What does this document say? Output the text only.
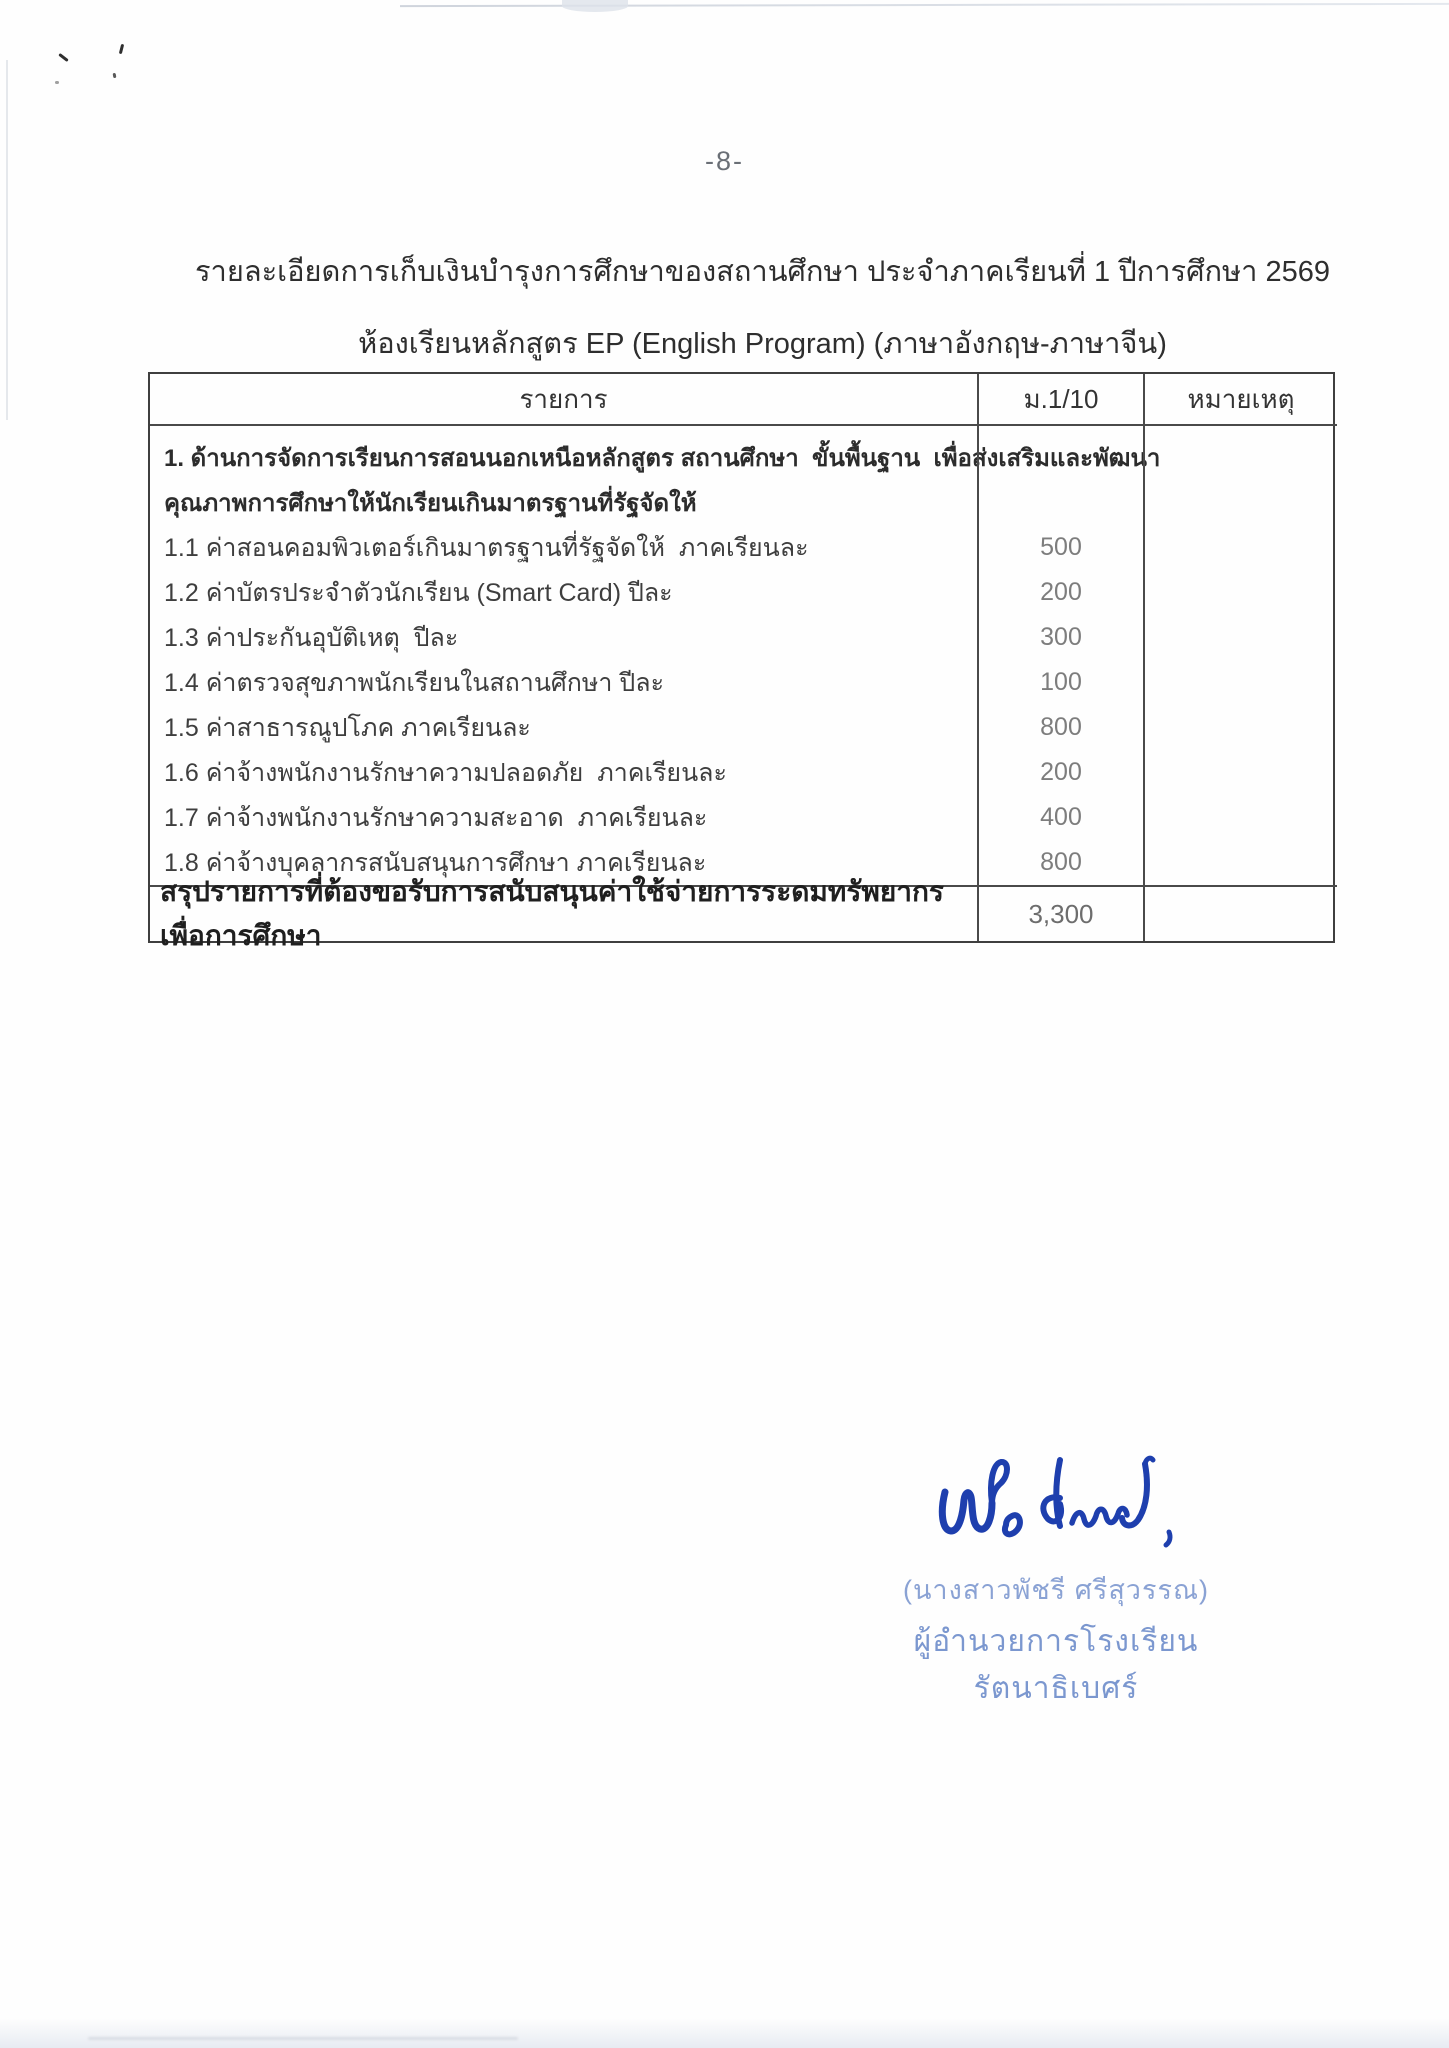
-8-
รายละเอียดการเก็บเงินบำรุงการศึกษาของสถานศึกษา ประจำภาคเรียนที่ 1 ปีการศึกษา 2569
ห้องเรียนหลักสูตร EP (English Program) (ภาษาอังกฤษ-ภาษาจีน)
รายการ	ม.1/10	หมายเหตุ
1. ด้านการจัดการเรียนการสอนนอกเหนือหลักสูตร สถานศึกษา  ขั้นพื้นฐาน  เพื่อส่งเสริมและพัฒนา
คุณภาพการศึกษาให้นักเรียนเกินมาตรฐานที่รัฐจัดให้
1.1 ค่าสอนคอมพิวเตอร์เกินมาตรฐานที่รัฐจัดให้  ภาคเรียนละ
1.2 ค่าบัตรประจำตัวนักเรียน (Smart Card) ปีละ
1.3 ค่าประกันอุบัติเหตุ  ปีละ
1.4 ค่าตรวจสุขภาพนักเรียนในสถานศึกษา ปีละ
1.5 ค่าสาธารณูปโภค ภาคเรียนละ
1.6 ค่าจ้างพนักงานรักษาความปลอดภัย  ภาคเรียนละ
1.7 ค่าจ้างพนักงานรักษาความสะอาด  ภาคเรียนละ
1.8 ค่าจ้างบุคลากรสนับสนุนการศึกษา ภาคเรียนละ
500
200
300
100
800
200
400
800
สรุปรายการที่ต้องขอรับการสนับสนุนค่าใช้จ่ายการระดมทรัพยากรเพื่อการศึกษา
3,300
(นางสาวพัชรี ศรีสุวรรณ)
ผู้อำนวยการโรงเรียนรัตนาธิเบศร์
